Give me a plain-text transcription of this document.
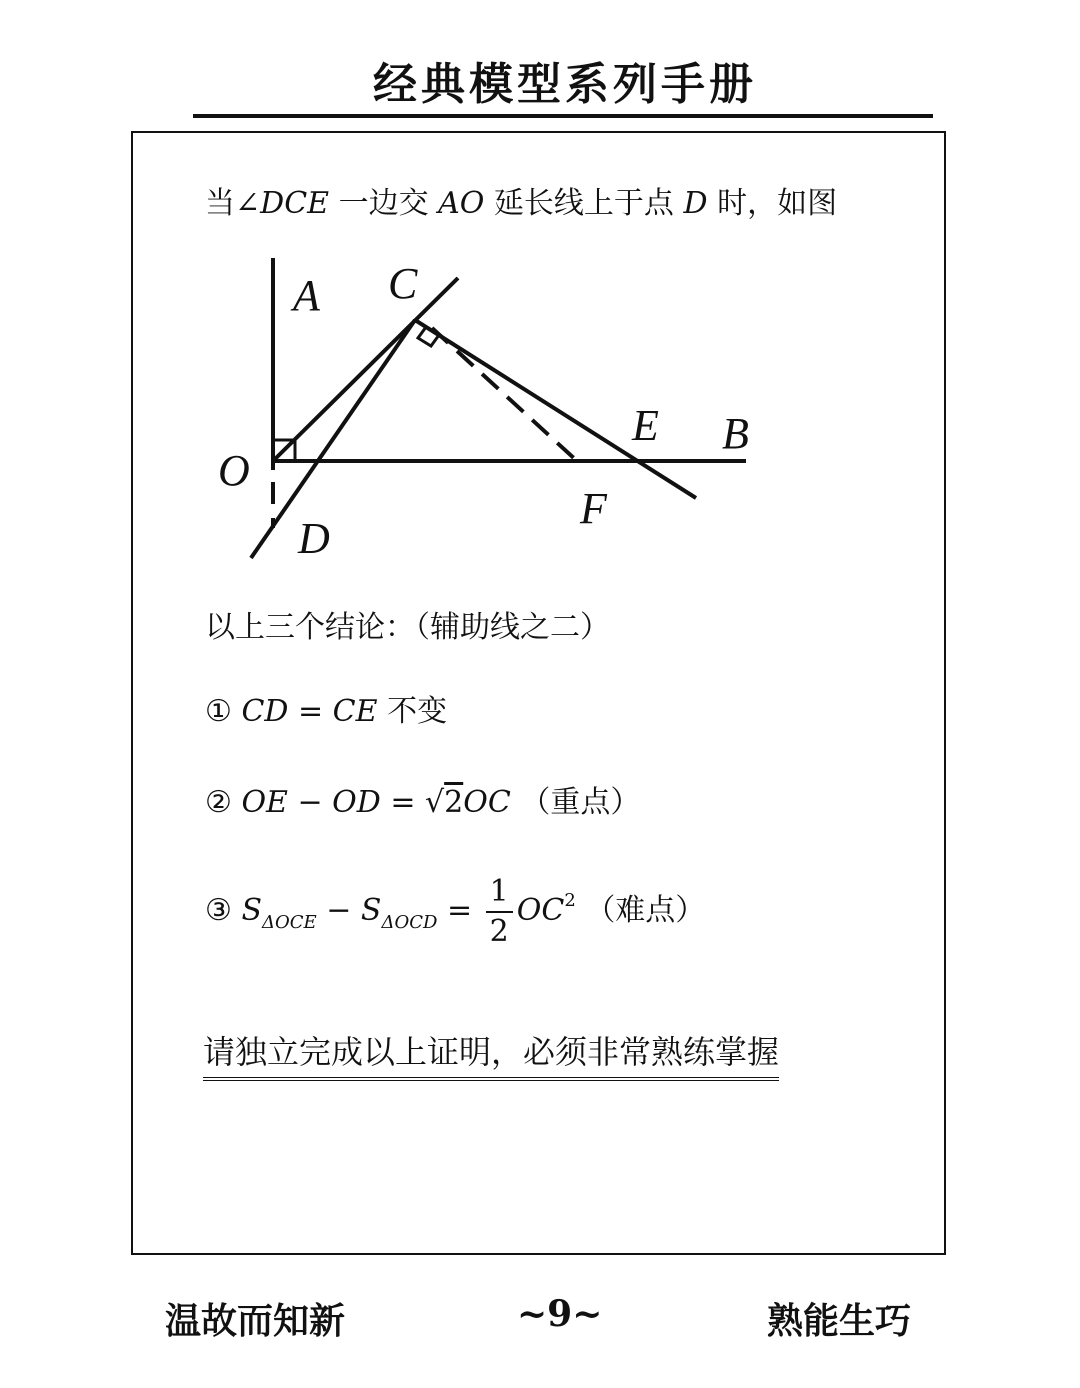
经典模型系列手册
当∠DCE 一边交 AO 延长线上于点 D 时，如图
A C
O
D
E B
F
以上三个结论：（辅助线之二）
① CD = CE 不变
② OE − OD = √2OC （重点）
③ $S_{\Delta OCE} - S_{\Delta OCD} = \frac{1}{2} OC^2$ （难点）
请独立完成以上证明，必须非常熟练掌握
温故而知新	~9~	熟能生巧
